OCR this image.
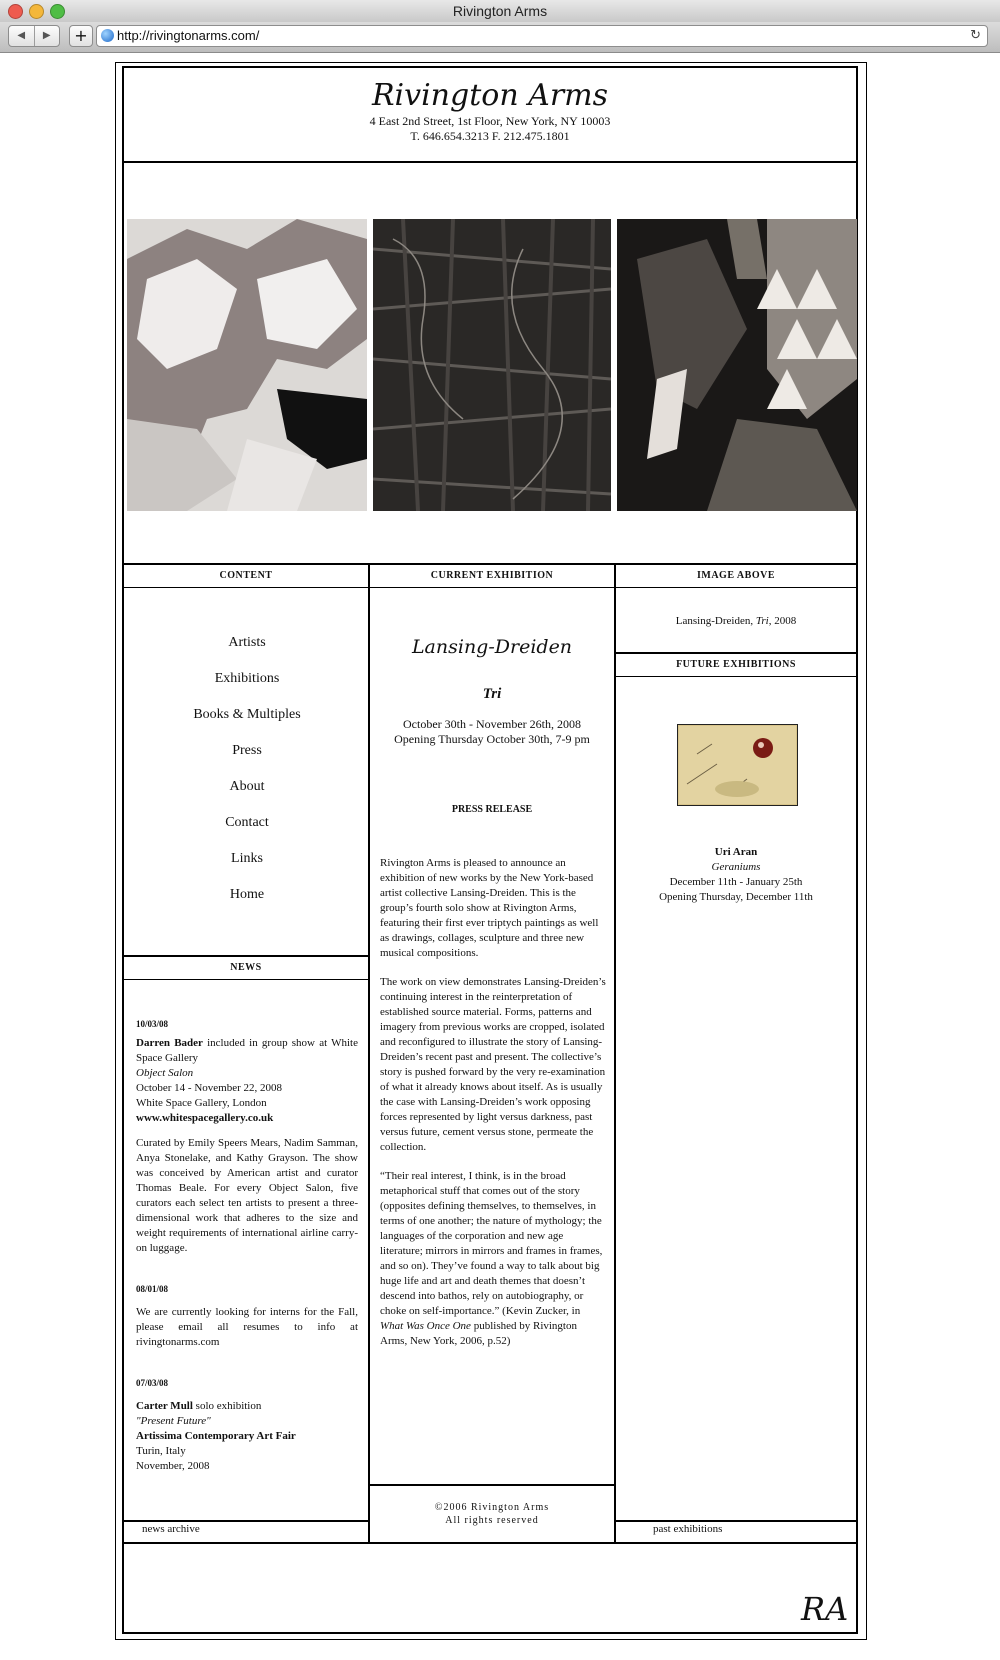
Rivington Arms
◀	▶	+	http://rivingtonarms.com/	↻
Rivington Arms
4 East 2nd Street, 1st Floor, New York, NY 10003
T. 646.654.3213 F. 212.475.1801
CONTENT	CURRENT EXHIBITION	IMAGE ABOVE
Artists
Exhibitions
Books & Multiples
Press
About
Contact
Links
Home
NEWS

10/03/08

Darren Bader included in group show at White Space Gallery

Object Salon

October 14 - November 22, 2008

White Space Gallery, London

www.whitespacegallery.co.uk

Curated by Emily Speers Mears, Nadim Samman, Anya Stonelake, and Kathy Grayson. The show was conceived by American artist and curator Thomas Beale. For every Object Salon, five curators each select ten artists to present a three-dimensional work that adheres to the size and weight requirements of international airline carry-on luggage.

08/01/08

We are currently looking for interns for the Fall, please email all resumes to info at rivingtonarms.com

07/03/08

Carter Mull solo exhibition

"Present Future"

Artissima Contemporary Art Fair

Turin, Italy

November, 2008

Lansing-Dreiden
Tri
October 30th - November 26th, 2008
Opening Thursday October 30th, 7-9 pm
PRESS RELEASE

Rivington Arms is pleased to announce an exhibition of new works by the New York-based artist collective Lansing-Dreiden. This is the group’s fourth solo show at Rivington Arms, featuring their first ever triptych paintings as well as drawings, collages, sculpture and three new musical compositions.

The work on view demonstrates Lansing-Dreiden’s continuing interest in the reinterpretation of established source material. Forms, patterns and imagery from previous works are cropped, isolated and reconfigured to illustrate the story of Lansing-Dreiden’s recent past and present. The collective’s story is pushed forward by the very re-examination of what it already knows about itself. As is usually the case with Lansing-Dreiden’s work opposing forces represented by light versus darkness, past versus future, cement versus stone, permeate the collection.

“Their real interest, I think, is in the broad metaphorical stuff that comes out of the story (opposites defining themselves, to themselves, in terms of one another; the nature of mythology; the languages of the corporation and new age literature; mirrors in mirrors and frames in frames, and so on). They’ve found a way to talk about big huge life and art and death themes that doesn’t descend into bathos, rely on autobiography, or choke on self-importance.” (Kevin Zucker, in What Was Once One published by Rivington Arms, New York, 2006, p.52)

Lansing-Dreiden, Tri, 2008
FUTURE EXHIBITIONS
Uri Aran
Geraniums
December 11th - January 25th
Opening Thursday, December 11th
©2006 Rivington Arms
All rights reserved
news archive	past exhibitions
RA
